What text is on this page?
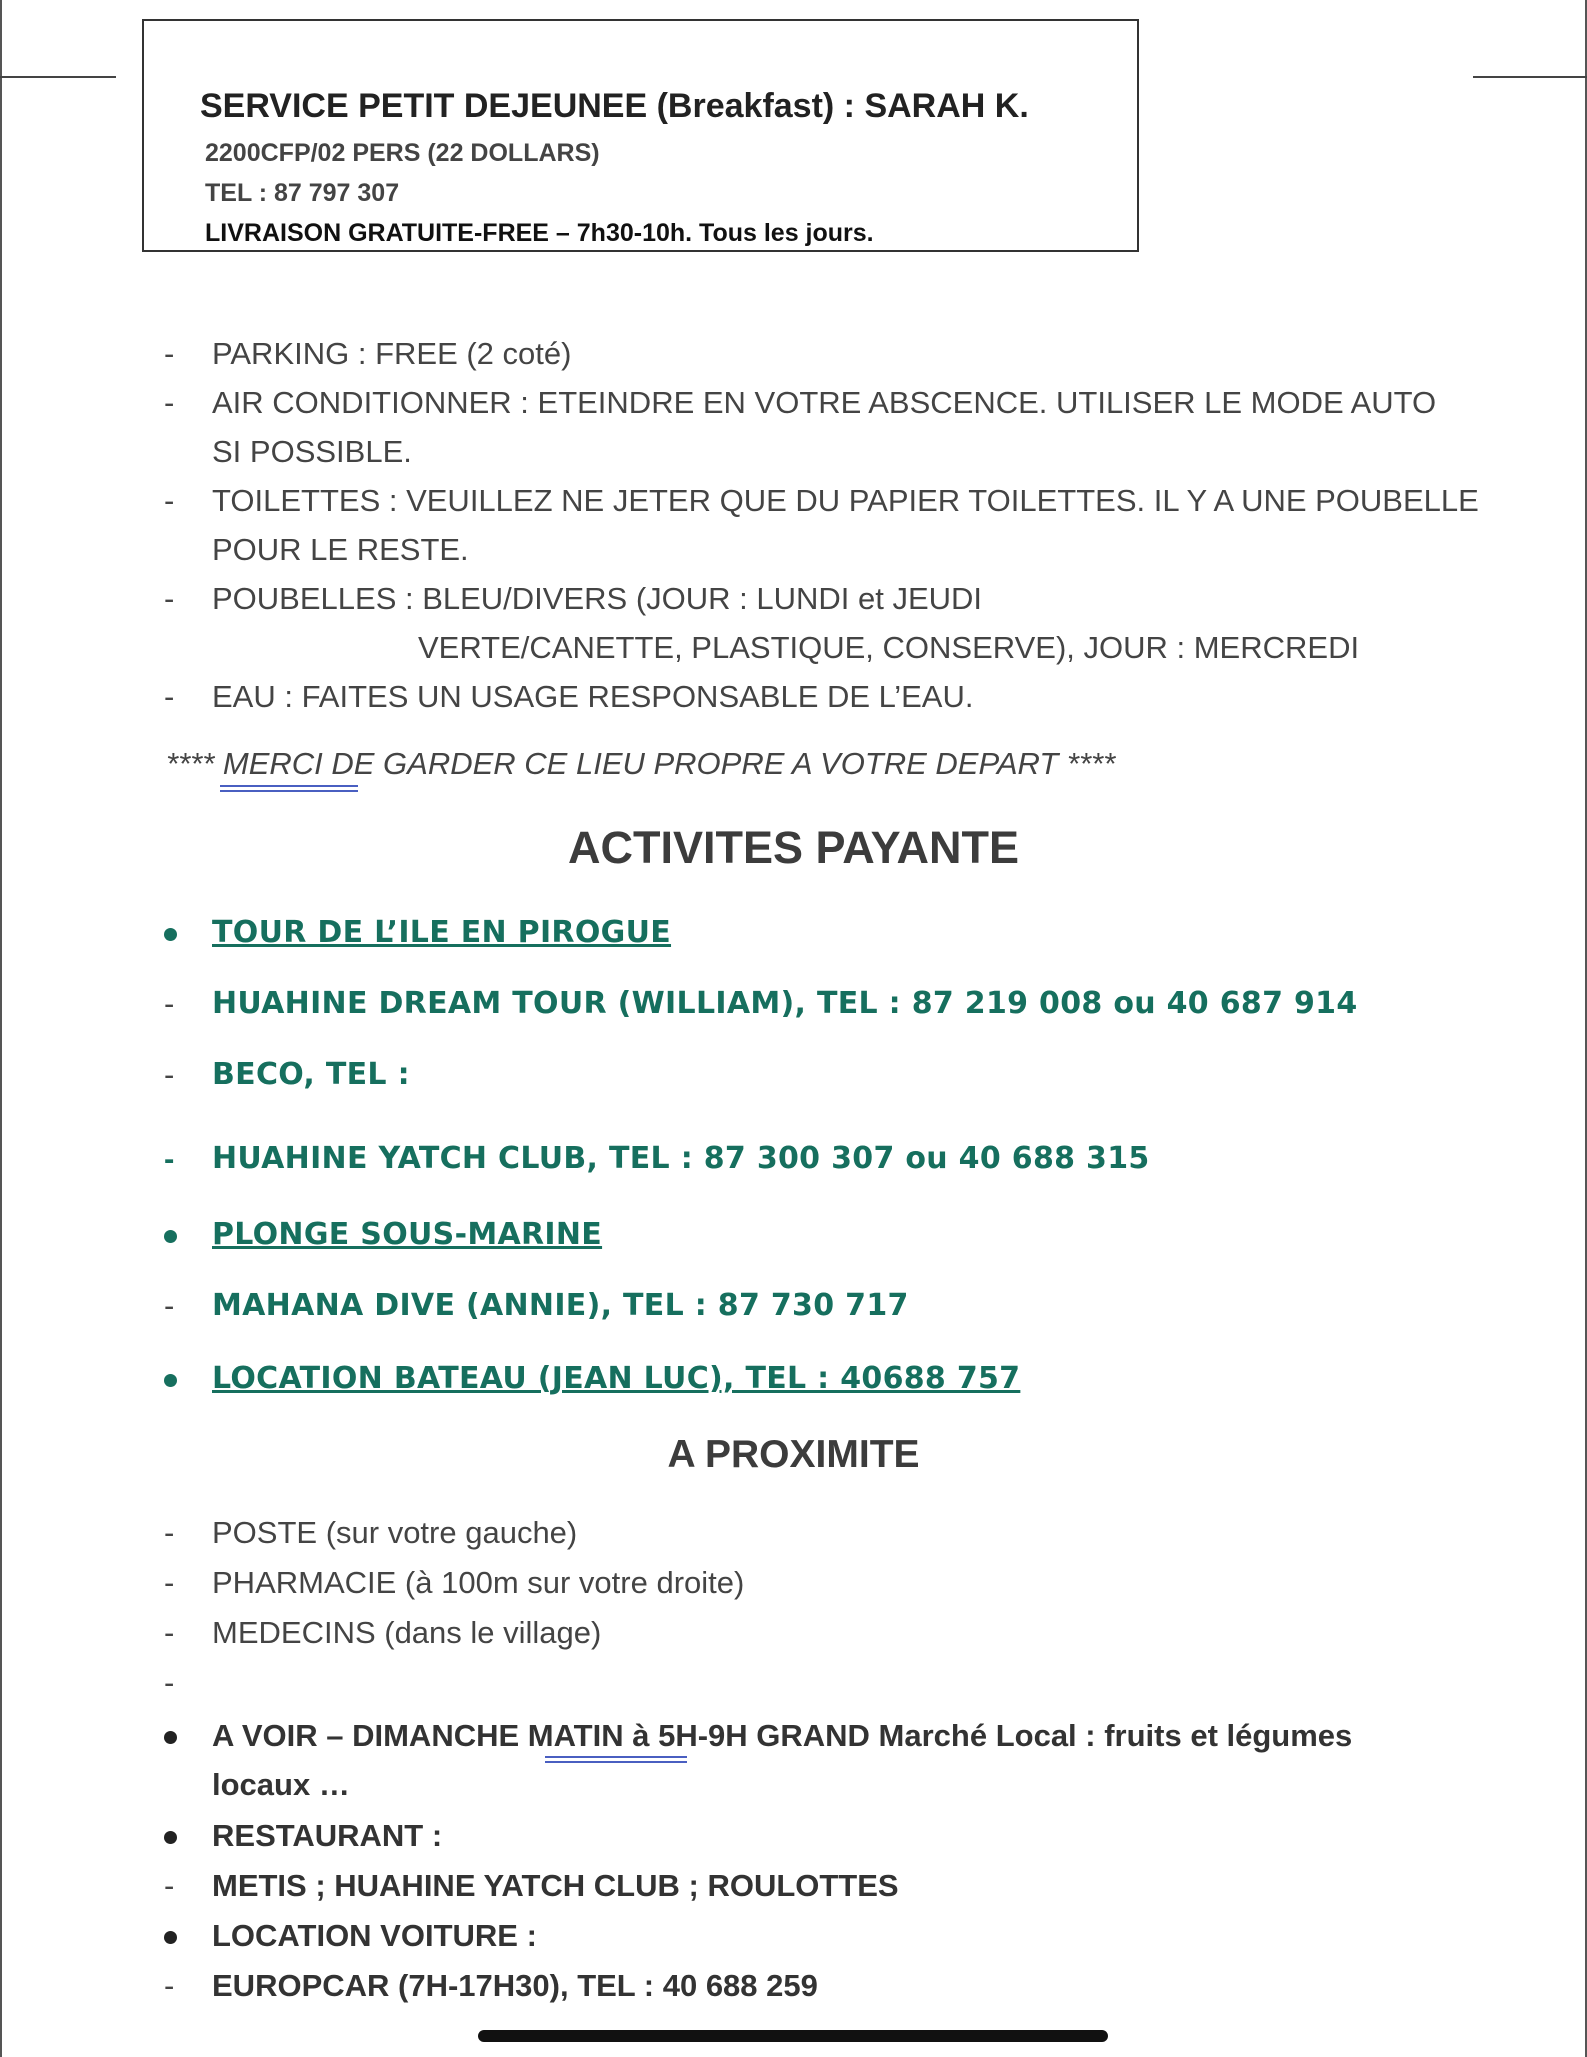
SERVICE PETIT DEJEUNEE (Breakfast) : SARAH K.
2200CFP/02 PERS (22 DOLLARS)
TEL : 87 797 307
LIVRAISON GRATUITE-FREE – 7h30-10h. Tous les jours.
-	PARKING : FREE (2 coté)
-	AIR CONDITIONNER : ETEINDRE EN VOTRE ABSCENCE. UTILISER LE MODE AUTO
SI POSSIBLE.
-	TOILETTES : VEUILLEZ NE JETER QUE DU PAPIER TOILETTES. IL Y A UNE POUBELLE
POUR LE RESTE.
-	POUBELLES : BLEU/DIVERS (JOUR : LUNDI et JEUDI
VERTE/CANETTE, PLASTIQUE, CONSERVE), JOUR : MERCREDI
-	EAU : FAITES UN USAGE RESPONSABLE DE L’EAU.
**** MERCI DE GARDER CE LIEU PROPRE A VOTRE DEPART ****
ACTIVITES PAYANTE
TOUR DE L’ILE EN PIROGUE
-	HUAHINE DREAM TOUR (WILLIAM), TEL : 87 219 008 ou 40 687 914
-	BECO, TEL :
-	HUAHINE YATCH CLUB, TEL : 87 300 307 ou 40 688 315
PLONGE SOUS-MARINE
-	MAHANA DIVE (ANNIE), TEL : 87 730 717
LOCATION BATEAU (JEAN LUC), TEL : 40688 757
A PROXIMITE
-	POSTE (sur votre gauche)
-	PHARMACIE (à 100m sur votre droite)
-	MEDECINS (dans le village)
-
A VOIR – DIMANCHE MATIN à 5H-9H GRAND Marché Local : fruits et légumes
locaux …
RESTAURANT :
-	METIS ; HUAHINE YATCH CLUB ; ROULOTTES
LOCATION VOITURE :
-	EUROPCAR (7H-17H30), TEL : 40 688 259
